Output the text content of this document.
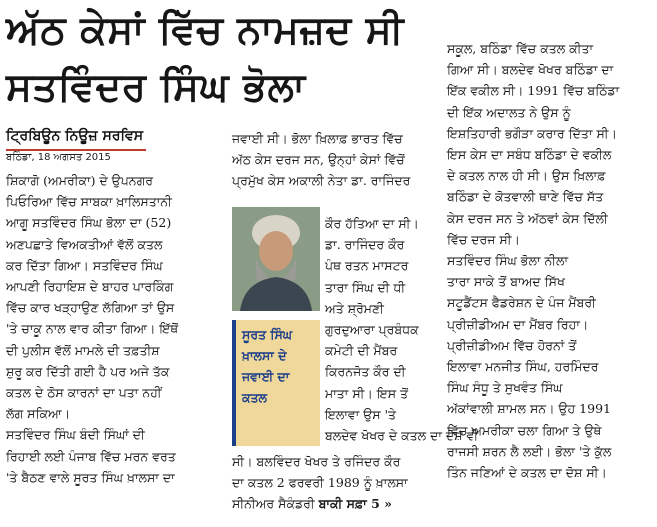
ਅੱਠ ਕੇਸਾਂ ਵਿੱਚ ਨਾਮਜ਼ਦ ਸੀ
ਸਤਵਿੰਦਰ ਸਿੰਘ ਭੋਲਾ
ਟ੍ਰਿਬਿਊਨ ਨਿਊਜ਼ ਸਰਵਿਸ
ਬਠਿੰਡਾ, 18 ਅਗਸਤ 2015
ਸ਼ਿਕਾਗੋ (ਅਮਰੀਕਾ) ਦੇ ਉਪਨਗਰ
ਪਿਓਰਿਆ ਵਿੱਚ ਸਾਬਕਾ ਖ਼ਾਲਿਸਤਾਨੀ
ਆਗੂ ਸਤਵਿੰਦਰ ਸਿੰਘ ਭੋਲਾ ਦਾ (52)
ਅਣਪਛਾਤੇ ਵਿਅਕਤੀਆਂ ਵੱਲੋਂ ਕਤਲ
ਕਰ ਦਿੱਤਾ ਗਿਆ। ਸਤਵਿੰਦਰ ਸਿੰਘ
ਆਪਣੀ ਰਿਹਾਇਸ਼ ਦੇ ਬਾਹਰ ਪਾਰਕਿੰਗ
ਵਿੱਚ ਕਾਰ ਖੜ੍ਹਾਉਣ ਲੱਗਿਆ ਤਾਂ ਉਸ
'ਤੇ ਚਾਕੂ ਨਾਲ ਵਾਰ ਕੀਤਾ ਗਿਆ। ਇੱਥੋਂ
ਦੀ ਪੁਲੀਸ ਵੱਲੋਂ ਮਾਮਲੇ ਦੀ ਤਫ਼ਤੀਸ਼
ਸ਼ੁਰੂ ਕਰ ਦਿੱਤੀ ਗਈ ਹੈ ਪਰ ਅਜੇ ਤੱਕ
ਕਤਲ ਦੇ ਠੋਸ ਕਾਰਨਾਂ ਦਾ ਪਤਾ ਨਹੀਂ
ਲੱਗ ਸਕਿਆ।
ਸਤਵਿੰਦਰ ਸਿੰਘ ਬੰਦੀ ਸਿੰਘਾਂ ਦੀ
ਰਿਹਾਈ ਲਈ ਪੰਜਾਬ ਵਿੱਚ ਮਰਨ ਵਰਤ
'ਤੇ ਬੈਠਣ ਵਾਲੇ ਸੂਰਤ ਸਿੰਘ ਖ਼ਾਲਸਾ ਦਾ
ਜਵਾਈ ਸੀ। ਭੋਲਾ ਖ਼ਿਲਾਫ਼ ਭਾਰਤ ਵਿੱਚ
ਅੱਠ ਕੇਸ ਦਰਜ ਸਨ, ਉਨ੍ਹਾਂ ਕੇਸਾਂ ਵਿੱਚੋਂ
ਪ੍ਰਮੁੱਖ ਕੇਸ ਅਕਾਲੀ ਨੇਤਾ ਡਾ. ਰਾਜਿੰਦਰ
ਸੂਰਤ ਸਿੰਘ ਖ਼ਾਲਸਾ ਦੇ ਜਵਾਈ ਦਾ ਕਤਲ
ਕੌਰ ਹੱਤਿਆ ਦਾ ਸੀ।
ਡਾ. ਰਾਜਿੰਦਰ ਕੌਰ
ਪੰਥ ਰਤਨ ਮਾਸਟਰ
ਤਾਰਾ ਸਿੰਘ ਦੀ ਧੀ
ਅਤੇ ਸ਼੍ਰੋਮਣੀ
ਗੁਰਦੁਆਰਾ ਪ੍ਰਬੰਧਕ
ਕਮੇਟੀ ਦੀ ਮੈਂਬਰ
ਕਿਰਨਜੋਤ ਕੌਰ ਦੀ
ਮਾਤਾ ਸੀ। ਇਸ ਤੋਂ
ਇਲਾਵਾ ਉਸ 'ਤੇ
ਬਲਦੇਵ ਖੋਖਰ ਦੇ ਕਤਲ ਦਾ ਦੋਸ਼ ਵੀ
ਸੀ। ਬਲਵਿੰਦਰ ਖੋਖਰ ਤੇ ਰਜਿੰਦਰ ਕੌਰ
ਦਾ ਕਤਲ 2 ਫਰਵਰੀ 1989 ਨੂੰ ਖ਼ਾਲਸਾ
ਸੀਨੀਅਰ ਸੈਕੰਡਰੀ ਬਾਕੀ ਸਫ਼ਾ 5 »
ਸਕੂਲ, ਬਠਿੰਡਾ ਵਿੱਚ ਕਤਲ ਕੀਤਾ
ਗਿਆ ਸੀ। ਬਲਦੇਵ ਖੋਖਰ ਬਠਿੰਡਾ ਦਾ
ਇੱਕ ਵਕੀਲ ਸੀ। 1991 ਵਿੱਚ ਬਠਿੰਡਾ
ਦੀ ਇੱਕ ਅਦਾਲਤ ਨੇ ਉਸ ਨੂੰ
ਇਸ਼ਤਿਹਾਰੀ ਭਗੌੜਾ ਕਰਾਰ ਦਿੱਤਾ ਸੀ।
ਇਸ ਕੇਸ ਦਾ ਸਬੰਧ ਬਠਿੰਡਾ ਦੇ ਵਕੀਲ
ਦੇ ਕਤਲ ਨਾਲ ਹੀ ਸੀ। ਉਸ ਖ਼ਿਲਾਫ਼
ਬਠਿੰਡਾ ਦੇ ਕੋਤਵਾਲੀ ਥਾਣੇ ਵਿੱਚ ਸੱਤ
ਕੇਸ ਦਰਜ ਸਨ ਤੇ ਅੱਠਵਾਂ ਕੇਸ ਦਿੱਲੀ
ਵਿੱਚ ਦਰਜ ਸੀ।
ਸਤਵਿੰਦਰ ਸਿੰਘ ਭੋਲਾ ਨੀਲਾ
ਤਾਰਾ ਸਾਕੇ ਤੋਂ ਬਾਅਦ ਸਿੱਖ
ਸਟੂਡੈਂਟਸ ਫੈਡਰੇਸ਼ਨ ਦੇ ਪੰਜ ਮੈਂਬਰੀ
ਪ੍ਰੀਜ਼ੀਡੀਅਮ ਦਾ ਮੈਂਬਰ ਰਿਹਾ।
ਪ੍ਰੀਜ਼ੀਡੀਅਮ ਵਿੱਚ ਹੋਰਨਾਂ ਤੋਂ
ਇਲਾਵਾ ਮਨਜੀਤ ਸਿੰਘ, ਹਰਮਿੰਦਰ
ਸਿੰਘ ਸੰਧੂ ਤੇ ਸੁਖਵੰਤ ਸਿੰਘ
ਅੱਕਾਂਵਾਲੀ ਸ਼ਾਮਲ ਸਨ। ਉਹ 1991
ਵਿੱਚ ਅਮਰੀਕਾ ਚਲਾ ਗਿਆ ਤੇ ਉਥੇ
ਰਾਜਸੀ ਸ਼ਰਨ ਲੈ ਲਈ। ਭੋਲਾ 'ਤੇ ਕੁੱਲ
ਤਿੰਨ ਜਣਿਆਂ ਦੇ ਕਤਲ ਦਾ ਦੋਸ਼ ਸੀ।
